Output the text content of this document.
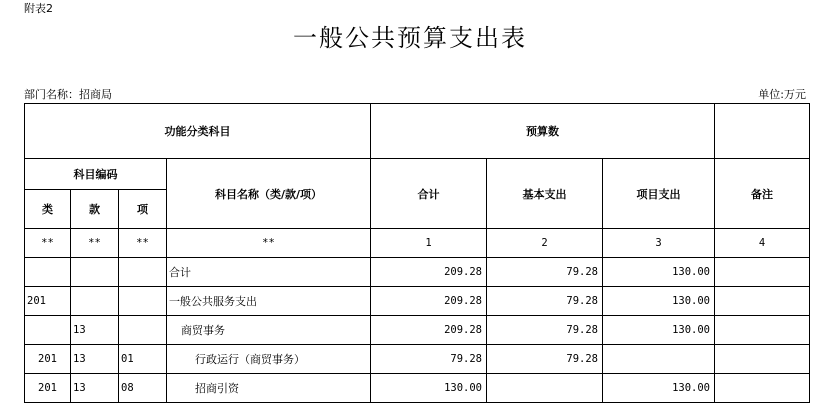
附表2
一般公共预算支出表
部门名称：招商局	单位:万元
功能分类科目				预算数			
科目编码			科目名称（类/款/项）	合计	基本支出	项目支出	备注
类	款	项					
**	**	**	**	1	2	3	4
			合计	209.28	79.28	130.00	
201			一般公共服务支出	209.28	79.28	130.00	
	13		商贸事务	209.28	79.28	130.00	
201	13	01	行政运行（商贸事务）	79.28	79.28		
201	13	08	招商引资	130.00		130.00	
